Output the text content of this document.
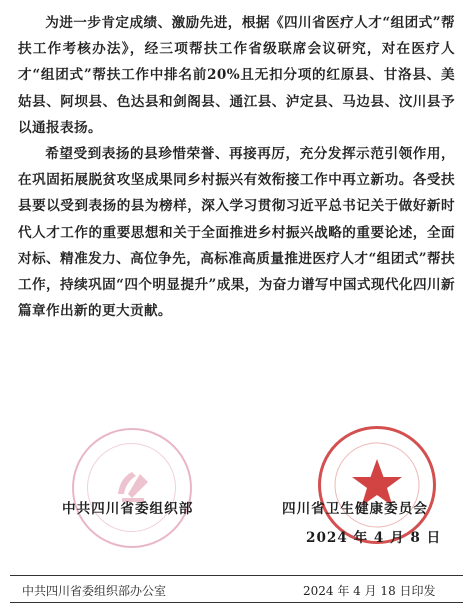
为进一步肯定成绩、激励先进，根据《四川省医疗人才“组团式”帮扶工作考核办法》，经三项帮扶工作省级联席会议研究，对在医疗人才“组团式”帮扶工作中排名前20%且无扣分项的红原县、甘洛县、美姑县、阿坝县、色达县和剑阁县、通江县、泸定县、马边县、汶川县予以通报表扬。

希望受到表扬的县珍惜荣誉、再接再厉，充分发挥示范引领作用，在巩固拓展脱贫攻坚成果同乡村振兴有效衔接工作中再立新功。各受扶县要以受到表扬的县为榜样，深入学习贯彻习近平总书记关于做好新时代人才工作的重要思想和关于全面推进乡村振兴战略的重要论述，全面对标、精准发力、高位争先，高标准高质量推进医疗人才“组团式”帮扶工作，持续巩固“四个明显提升”成果，为奋力谱写中国式现代化四川新篇章作出新的更大贡献。

中共四川省委组织部	四川省卫生健康委员会
2024 年 4 月 8 日
中共四川省委组织部办公室	2024 年 4 月 18 日印发
